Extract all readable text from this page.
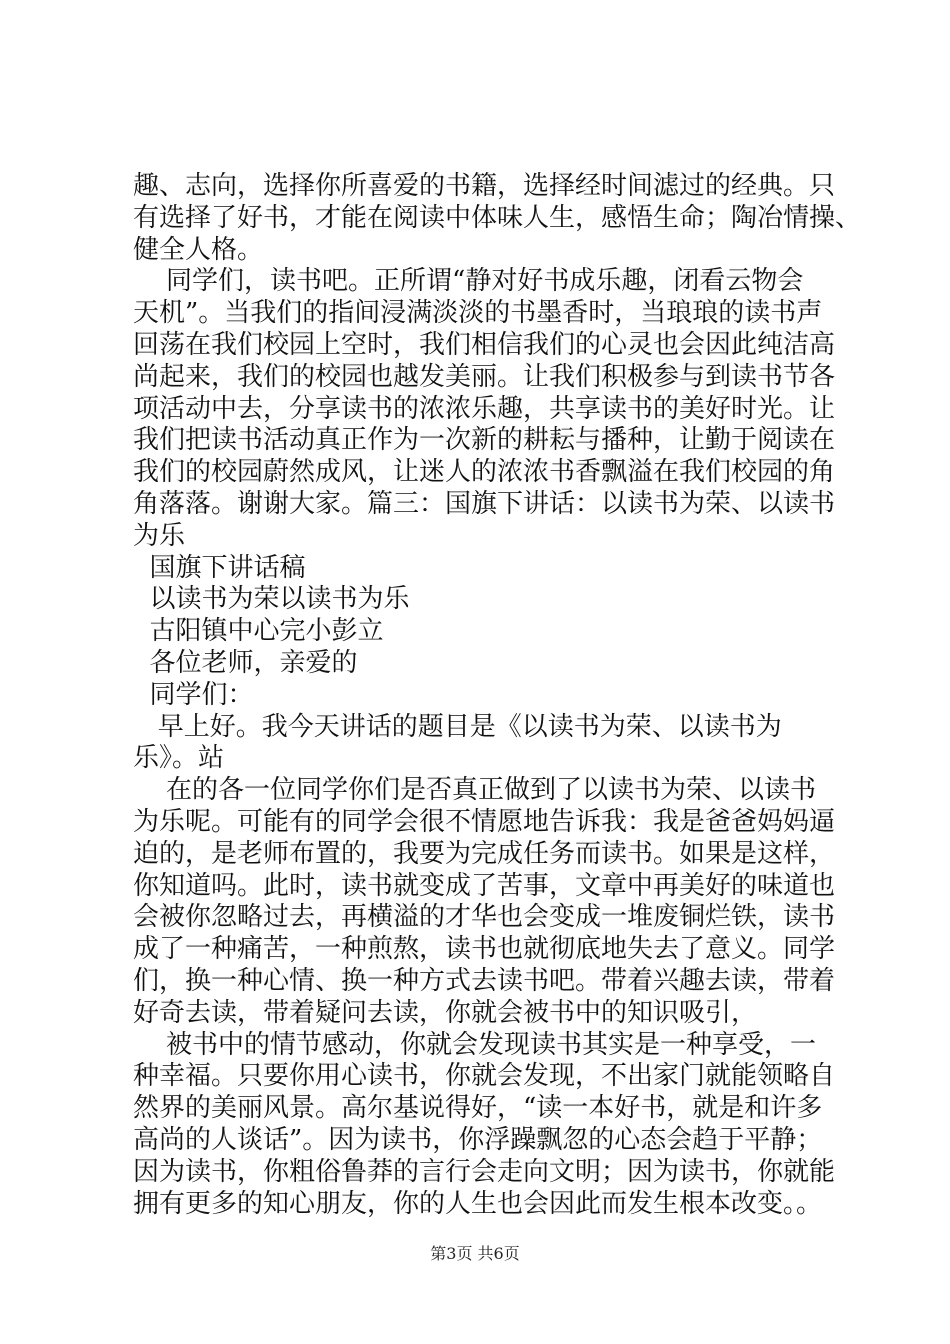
趣、志向，选择你所喜爱的书籍，选择经时间滤过的经典。只
有选择了好书，才能在阅读中体味人生，感悟生命；陶冶情操、
健全人格。
同学们，读书吧。正所谓“静对好书成乐趣，闭看云物会
天机”。当我们的指间浸满淡淡的书墨香时，当琅琅的读书声
回荡在我们校园上空时，我们相信我们的心灵也会因此纯洁高
尚起来，我们的校园也越发美丽。让我们积极参与到读书节各
项活动中去，分享读书的浓浓乐趣，共享读书的美好时光。让
我们把读书活动真正作为一次新的耕耘与播种，让勤于阅读在
我们的校园蔚然成风，让迷人的浓浓书香飘溢在我们校园的角
角落落。谢谢大家。篇三：国旗下讲话：以读书为荣、以读书
为乐
国旗下讲话稿
以读书为荣以读书为乐
古阳镇中心完小彭立
各位老师，亲爱的
同学们：
早上好。我今天讲话的题目是《以读书为荣、以读书为
乐》。站
在的各一位同学你们是否真正做到了以读书为荣、以读书
为乐呢。可能有的同学会很不情愿地告诉我：我是爸爸妈妈逼
迫的，是老师布置的，我要为完成任务而读书。如果是这样，
你知道吗。此时，读书就变成了苦事，文章中再美好的味道也
会被你忽略过去，再横溢的才华也会变成一堆废铜烂铁，读书
成了一种痛苦，一种煎熬，读书也就彻底地失去了意义。同学
们，换一种心情、换一种方式去读书吧。带着兴趣去读，带着
好奇去读，带着疑问去读，你就会被书中的知识吸引，
被书中的情节感动，你就会发现读书其实是一种享受，一
种幸福。只要你用心读书，你就会发现，不出家门就能领略自
然界的美丽风景。高尔基说得好，“读一本好书，就是和许多
高尚的人谈话”。因为读书，你浮躁飘忽的心态会趋于平静；
因为读书，你粗俗鲁莽的言行会走向文明；因为读书，你就能
拥有更多的知心朋友，你的人生也会因此而发生根本改变。。
第3页 共6页
